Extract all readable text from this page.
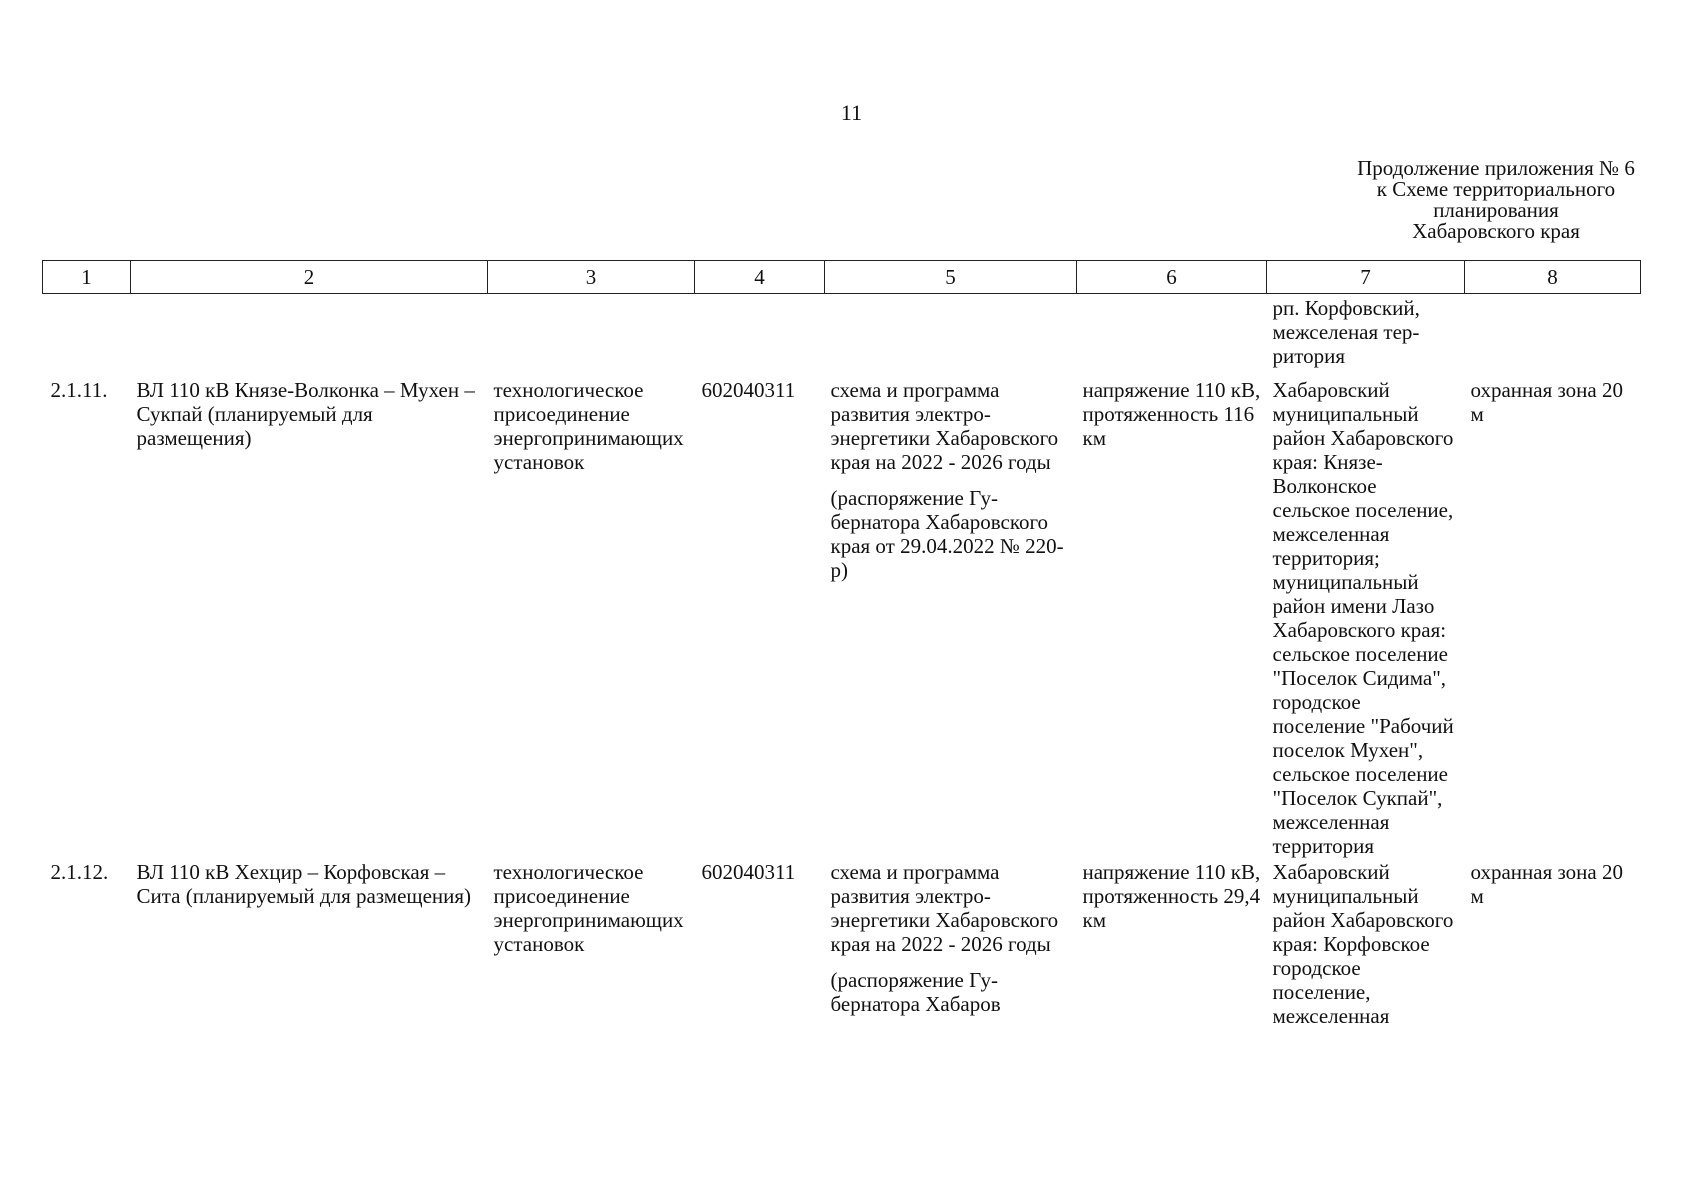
11
Продолжение приложения № 6
к Схеме территориального
планирования
Хабаровского края
1	2	3	4	5	6	7	8
						рп. Корфовский, межселеная территория	
2.1.11.	ВЛ 110 кВ Князе-Волконка – Мухен – Сукпай (планируемый для размещения)	технологическое присоединение энергопринимающих установок	602040311	схема и программа развития электроэнергетики Хабаровского края на 2022 - 2026 годы
(распоряжение Губернатора Хабаровского края от 29.04.2022 № 220-р)	напряжение 110 кВ, протяженность 116 км	Хабаровский муниципальный район Хабаровского края: Князе-Волконское сельское поселение, межселенная территория; муниципальный район имени Лазо Хабаровского края: сельское поселение "Поселок Сидима", городское поселение "Рабочий поселок Мухен", сельское поселение "Поселок Сукпай", межселенная территория	охранная зона 20 м
2.1.12.	ВЛ 110 кВ Хехцир – Корфовская – Сита (планируемый для размещения)	технологическое присоединение энергопринимающих установок	602040311	схема и программа развития электроэнергетики Хабаровского края на 2022 - 2026 годы
(распоряжение Губернатора Хабаров	напряжение 110 кВ, протяженность 29,4 км	Хабаровский муниципальный район Хабаровского края: Корфовское городское поселение, межселенная	охранная зона 20 м
